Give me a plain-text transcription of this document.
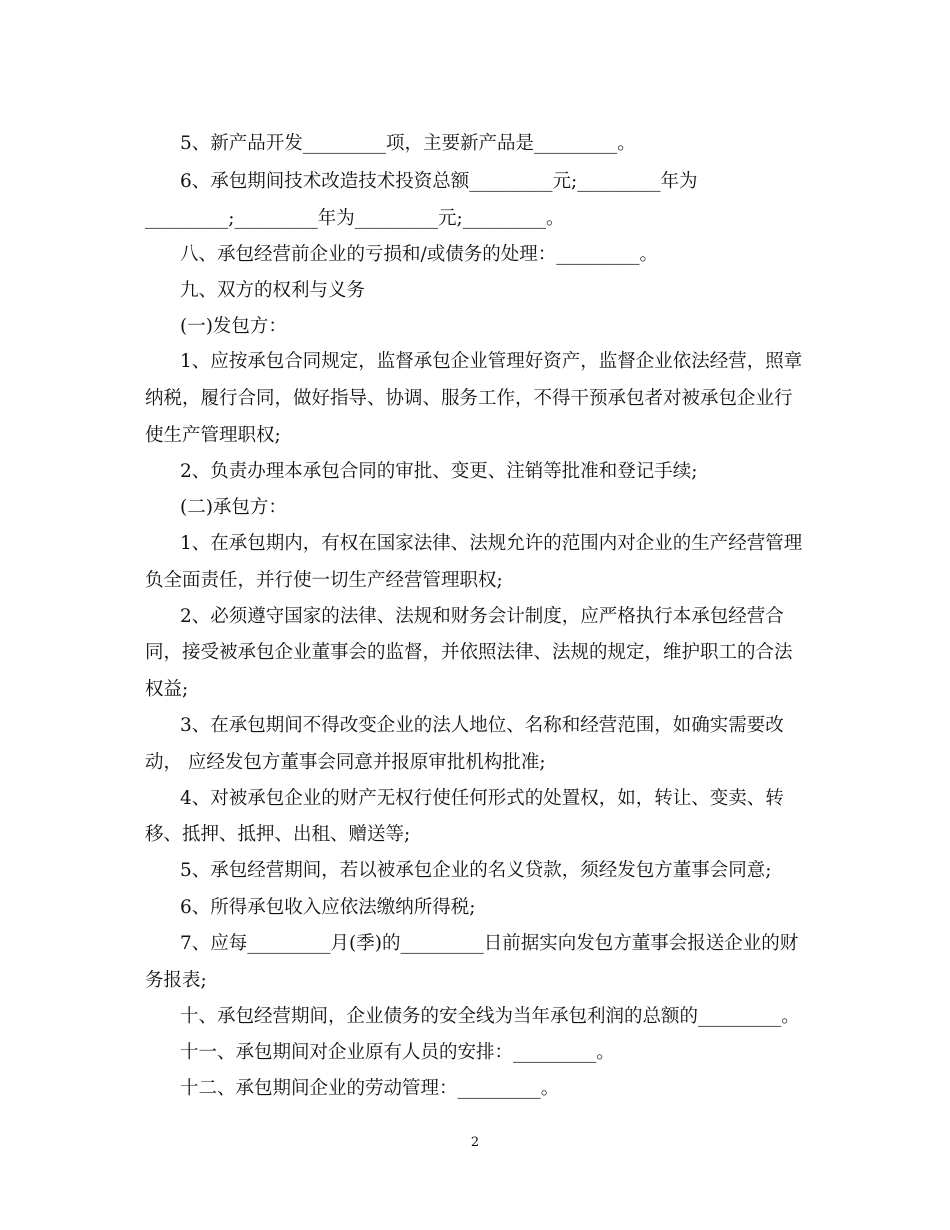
5、新产品开发_________项，主要新产品是_________。
6、承包期间技术改造技术投资总额_________元;_________年为
_________;_________年为_________元;_________。
八、承包经营前企业的亏损和/或债务的处理：_________。
九、双方的权利与义务
(一)发包方：
1、应按承包合同规定，监督承包企业管理好资产，监督企业依法经营，照章
纳税，履行合同，做好指导、协调、服务工作，不得干预承包者对被承包企业行
使生产管理职权;
2、负责办理本承包合同的审批、变更、注销等批准和登记手续;
(二)承包方：
1、在承包期内，有权在国家法律、法规允许的范围内对企业的生产经营管理
负全面责任，并行使一切生产经营管理职权;
2、必须遵守国家的法律、法规和财务会计制度，应严格执行本承包经营合
同，接受被承包企业董事会的监督，并依照法律、法规的规定，维护职工的合法
权益;
3、在承包期间不得改变企业的法人地位、名称和经营范围，如确实需要改
动， 应经发包方董事会同意并报原审批机构批准;
4、对被承包企业的财产无权行使任何形式的处置权，如，转让、变卖、转
移、抵押、抵押、出租、赠送等;
5、承包经营期间，若以被承包企业的名义贷款，须经发包方董事会同意;
6、所得承包收入应依法缴纳所得税;
7、应每_________月(季)的_________日前据实向发包方董事会报送企业的财
务报表;
十、承包经营期间，企业债务的安全线为当年承包利润的总额的_________。
十一、承包期间对企业原有人员的安排：_________。
十二、承包期间企业的劳动管理：_________。
2
